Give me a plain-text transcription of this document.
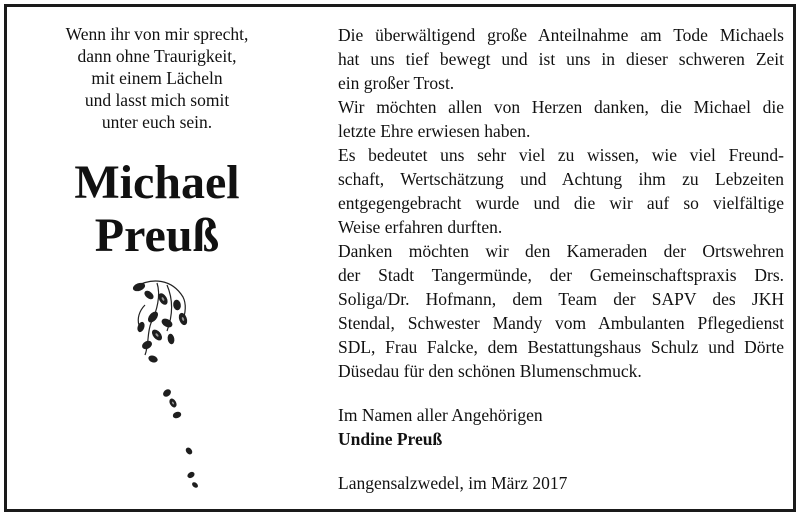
Wenn ihr von mir sprecht,
dann ohne Traurigkeit,
mit einem Lächeln
und lasst mich somit
unter euch sein.
Michael
Preuß
Die überwältigend große Anteilnahme am Tode Michaels
hat uns tief bewegt und ist uns in dieser schweren Zeit
ein großer Trost.
Wir möchten allen von Herzen danken, die Michael die
letzte Ehre erwiesen haben.
Es bedeutet uns sehr viel zu wissen, wie viel Freund-
schaft, Wertschätzung und Achtung ihm zu Lebzeiten
entgegengebracht wurde und die wir auf so vielfältige
Weise erfahren durften.
Danken möchten wir den Kameraden der Ortswehren
der Stadt Tangermünde, der Gemeinschaftspraxis Drs.
Soliga/Dr. Hofmann, dem Team der SAPV des JKH
Stendal, Schwester Mandy vom Ambulanten Pflegedienst
SDL, Frau Falcke, dem Bestattungshaus Schulz und Dörte
Düsedau für den schönen Blumenschmuck.
Im Namen aller Angehörigen
Undine Preuß
Langensalzwedel, im März 2017
